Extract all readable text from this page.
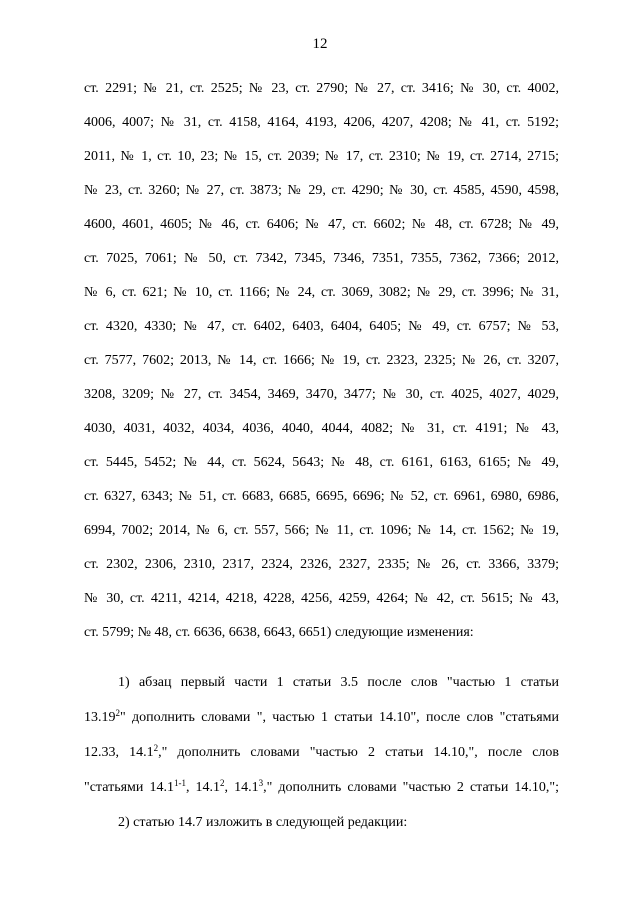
12
ст. 2291; № 21, ст. 2525; № 23, ст. 2790; № 27, ст. 3416; № 30, ст. 4002,
4006, 4007; № 31, ст. 4158, 4164, 4193, 4206, 4207, 4208; № 41, ст. 5192;
2011, № 1, ст. 10, 23; № 15, ст. 2039; № 17, ст. 2310; № 19, ст. 2714, 2715;
№ 23, ст. 3260; № 27, ст. 3873; № 29, ст. 4290; № 30, ст. 4585, 4590, 4598,
4600, 4601, 4605; № 46, ст. 6406; № 47, ст. 6602; № 48, ст. 6728; № 49,
ст. 7025, 7061; № 50, ст. 7342, 7345, 7346, 7351, 7355, 7362, 7366; 2012,
№ 6, ст. 621; № 10, ст. 1166; № 24, ст. 3069, 3082; № 29, ст. 3996; № 31,
ст. 4320, 4330; № 47, ст. 6402, 6403, 6404, 6405; № 49, ст. 6757; № 53,
ст. 7577, 7602; 2013, № 14, ст. 1666; № 19, ст. 2323, 2325; № 26, ст. 3207,
3208, 3209; № 27, ст. 3454, 3469, 3470, 3477; № 30, ст. 4025, 4027, 4029,
4030, 4031, 4032, 4034, 4036, 4040, 4044, 4082; № 31, ст. 4191; № 43,
ст. 5445, 5452; № 44, ст. 5624, 5643; № 48, ст. 6161, 6163, 6165; № 49,
ст. 6327, 6343; № 51, ст. 6683, 6685, 6695, 6696; № 52, ст. 6961, 6980, 6986,
6994, 7002; 2014, № 6, ст. 557, 566; № 11, ст. 1096; № 14, ст. 1562; № 19,
ст. 2302, 2306, 2310, 2317, 2324, 2326, 2327, 2335; № 26, ст. 3366, 3379;
№ 30, ст. 4211, 4214, 4218, 4228, 4256, 4259, 4264; № 42, ст. 5615; № 43,
ст. 5799; № 48, ст. 6636, 6638, 6643, 6651) следующие изменения:
1) абзац первый части 1 статьи 3.5 после слов "частью 1 статьи
13.19$^2$" дополнить словами ", частью 1 статьи 14.10", после слов "статьями
12.33, 14.1$^2$," дополнить словами "частью 2 статьи 14.10,", после слов
"статьями 14.1$^{1-1}$, 14.1$^2$, 14.1$^3$," дополнить словами "частью 2 статьи 14.10,";
2) статью 14.7 изложить в следующей редакции:
